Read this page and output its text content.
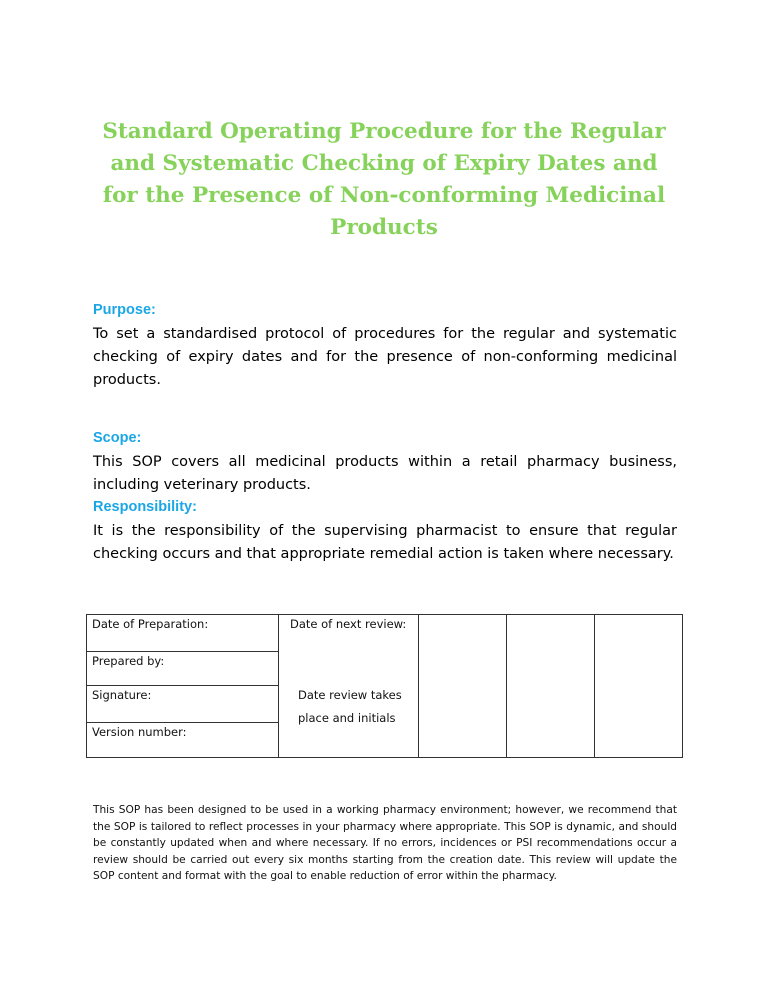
Standard Operating Procedure for the Regular and Systematic Checking of Expiry Dates and for the Presence of Non-conforming Medicinal Products
Purpose:
To set a standardised protocol of procedures for the regular and systematic checking of expiry dates and for the presence of non-conforming medicinal products.
Scope:
This SOP covers all medicinal products within a retail pharmacy business, including veterinary products.
Responsibility:
It is the responsibility of the supervising pharmacist to ensure that regular checking occurs and that appropriate remedial action is taken where necessary.
Date of Preparation:	Date of next review:
Prepared by:
Signature:	Date review takes
place and initials
Version number:

This SOP has been designed to be used in a working pharmacy environment; however, we recommend that the SOP is tailored to reflect processes in your pharmacy where appropriate. This SOP is dynamic, and should be constantly updated when and where necessary. If no errors, incidences or PSI recommendations occur a review should be carried out every six months starting from the creation date. This review will update the SOP content and format with the goal to enable reduction of error within the pharmacy.
